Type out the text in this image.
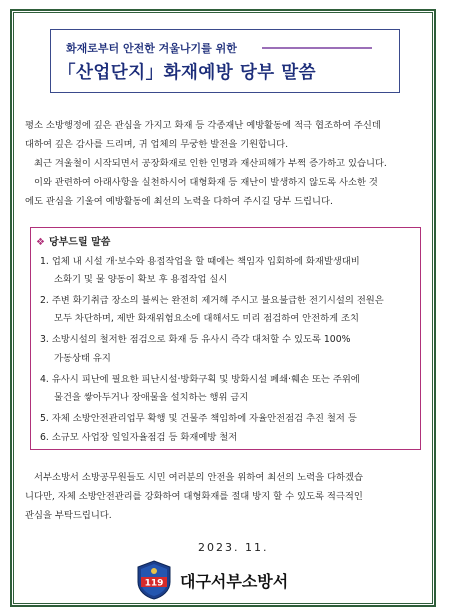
화재로부터 안전한 겨울나기를 위한
「산업단지」화재예방 당부 말씀
평소 소방행정에 깊은 관심을 가지고 화재 등 각종재난 예방활동에 적극 협조하여 주신데
대하여 깊은 감사를 드리며, 귀 업체의 무궁한 발전을 기원합니다.
최근 겨울철이 시작되면서 공장화재로 인한 인명과 재산피해가 부쩍 증가하고 있습니다.
이와 관련하여 아래사항을 실천하시어 대형화재 등 재난이 발생하지 않도록 사소한 것
에도 관심을 기울여 예방활동에 최선의 노력을 다하여 주시길 당부 드립니다.
❖ 당부드릴 말씀
1. 업체 내 시설 개·보수와 용접작업을 할 때에는 책임자 입회하에 화재발생대비
소화기 및 물 양동이 확보 후 용접작업 실시
2. 주변 화기취급 장소의 불씨는 완전히 제거해 주시고 불요불급한 전기시설의 전원은
모두 차단하며, 제반 화재위험요소에 대해서도 미리 점검하여 안전하게 조치
3. 소방시설의 철저한 점검으로 화재 등 유사시 즉각 대처할 수 있도록 100%
가동상태 유지
4. 유사시 피난에 필요한 피난시설·방화구획 및 방화시설 폐쇄·훼손 또는 주위에
물건을 쌓아두거나 장애물을 설치하는 행위 금지
5. 자체 소방안전관리업무 확행 및 건물주 책임하에 자율안전점검 추진 철저 등
6. 소규모 사업장 일일자율점검 등 화재예방 철저
서부소방서 소방공무원들도 시민 여러분의 안전을 위하여 최선의 노력을 다하겠습
니다만, 자체 소방안전관리를 강화하여 대형화재를 절대 방지 할 수 있도록 적극적인
관심을 부탁드립니다.
2023. 11.
119 대구서부소방서
